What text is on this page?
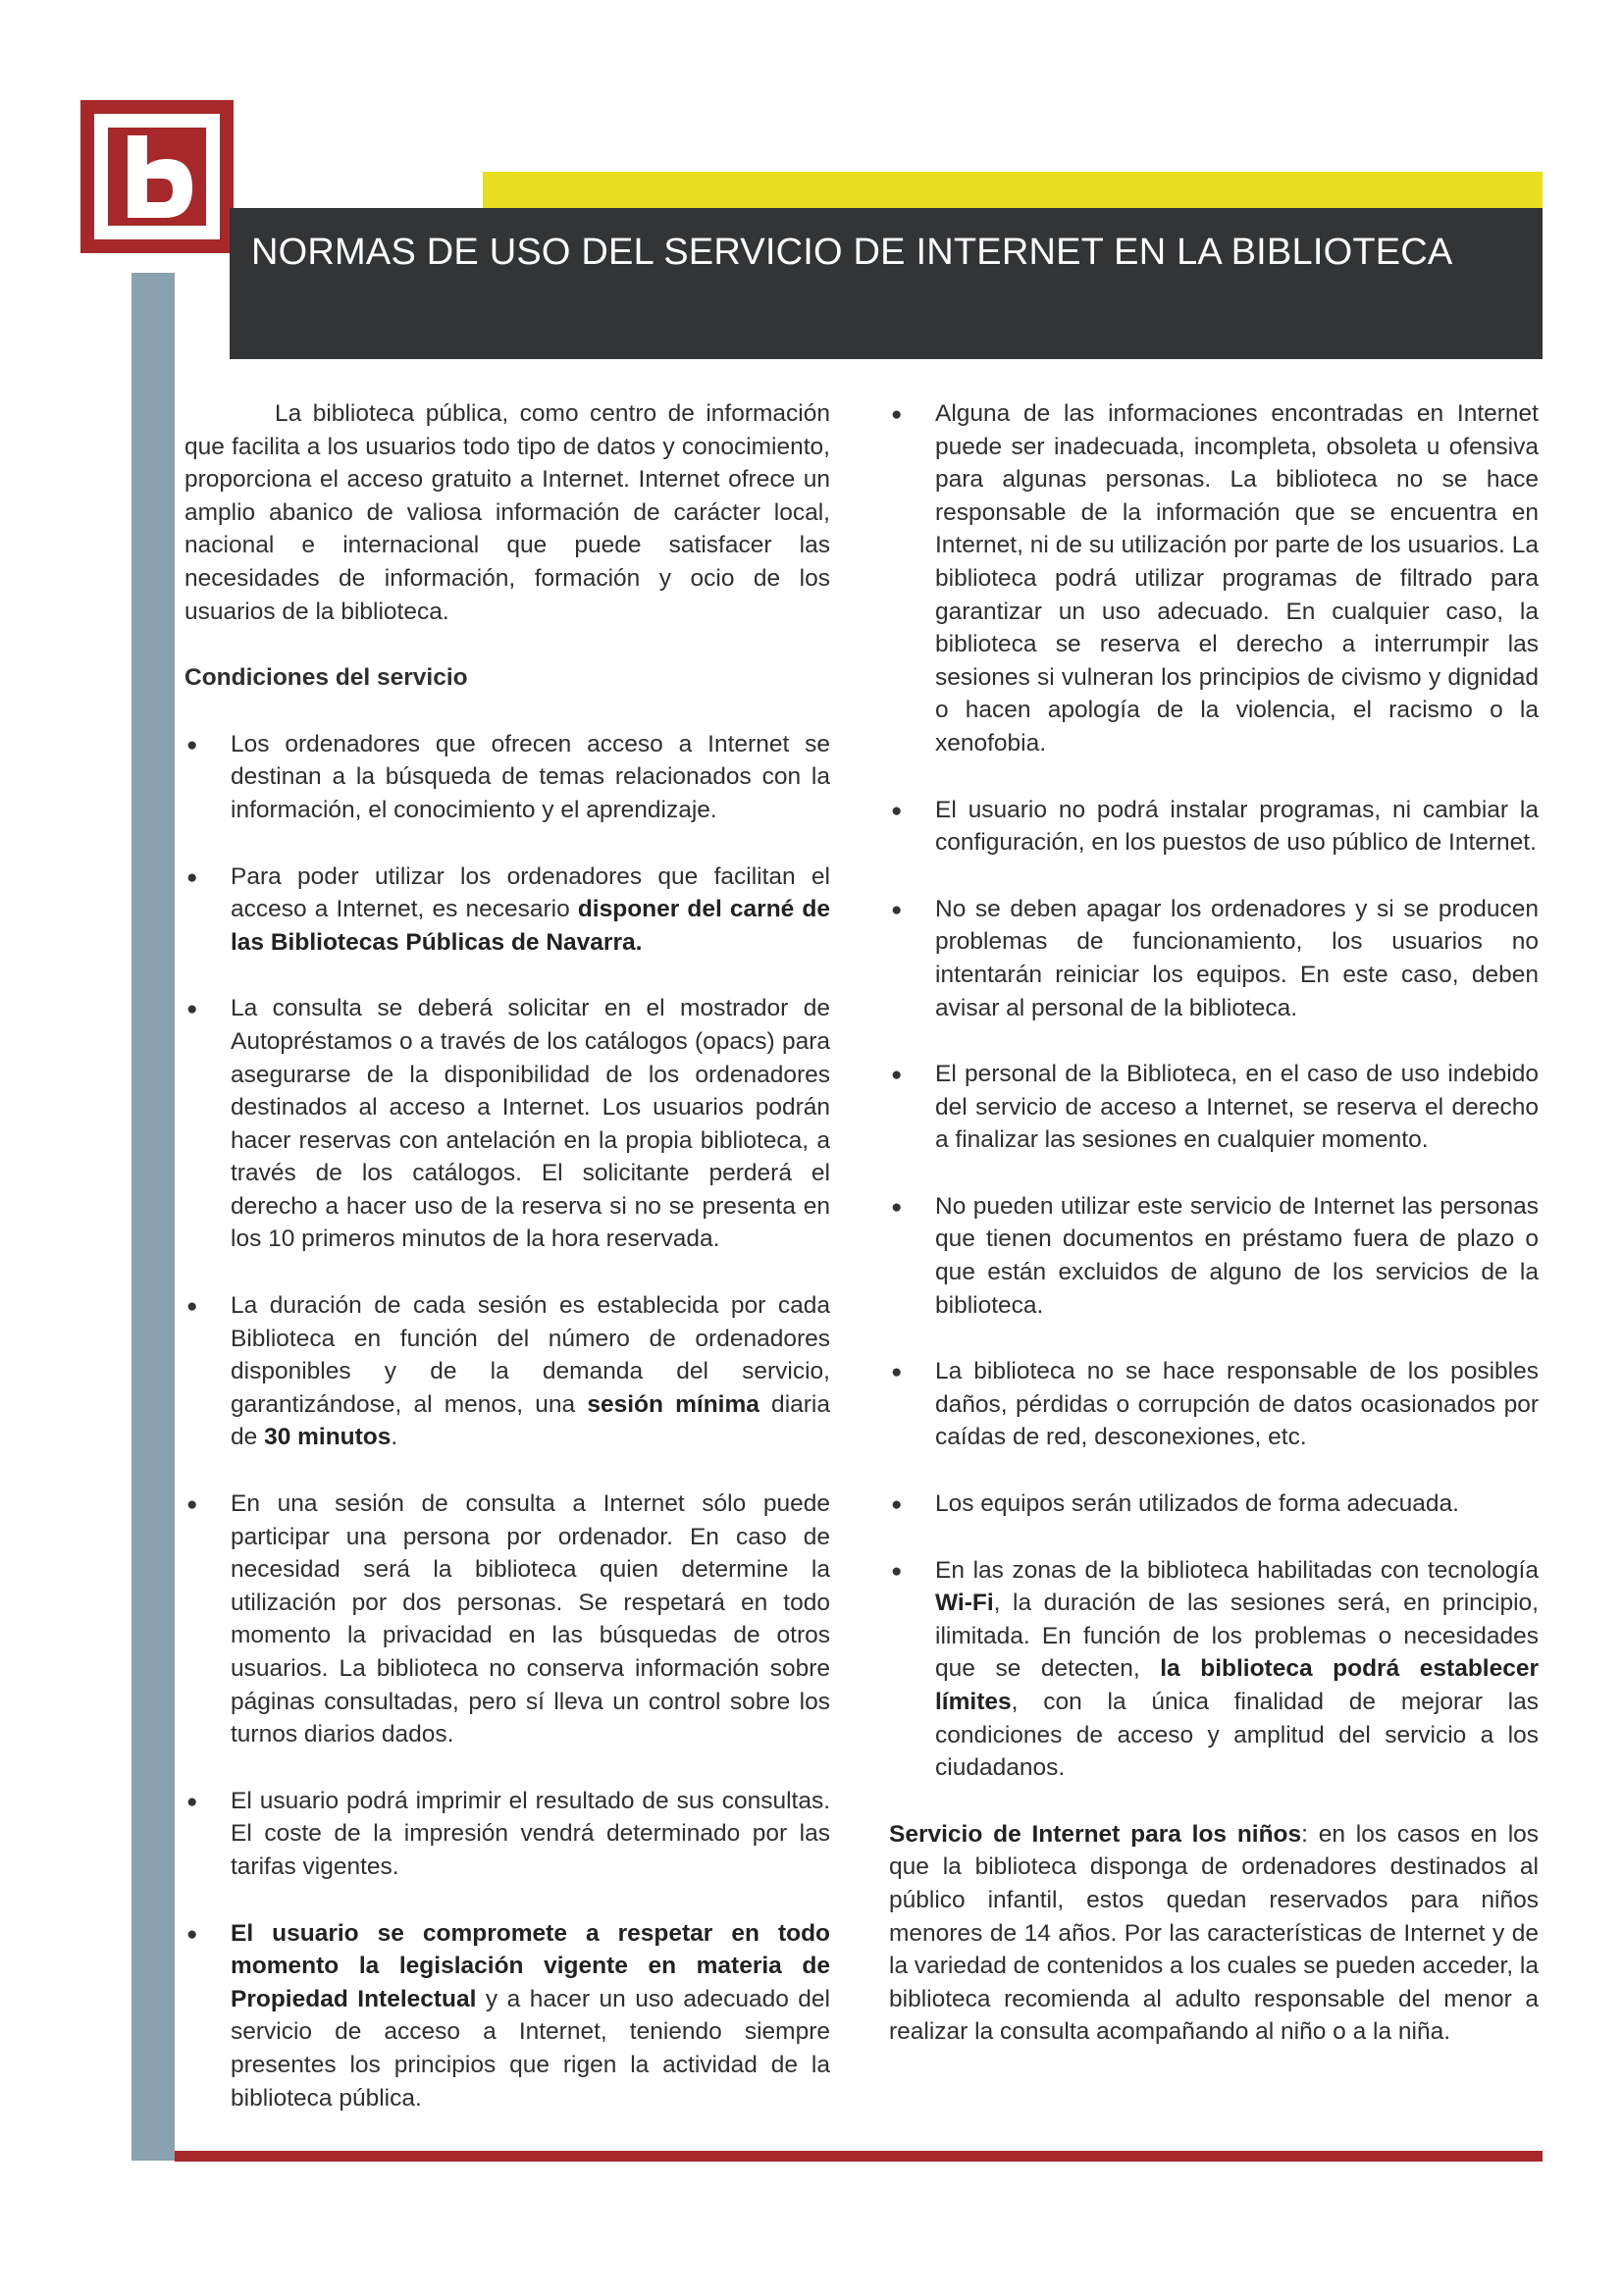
NORMAS DE USO DEL SERVICIO DE INTERNET EN LA BIBLIOTECA

La biblioteca pública, como centro de información que facilita a los usuarios todo tipo de datos y conocimiento, proporciona el acceso gratuito a Internet. Internet ofrece un amplio abanico de valiosa información de carácter local, nacional e internacional que puede satisfacer las necesidades de información, formación y ocio de los usuarios de la biblioteca.

Condiciones del servicio

● Los ordenadores que ofrecen acceso a Internet se destinan a la búsqueda de temas relacionados con la información, el conocimiento y el aprendizaje.
● Para poder utilizar los ordenadores que facilitan el acceso a Internet, es necesario disponer del carné de las Bibliotecas Públicas de Navarra.
● La consulta se deberá solicitar en el mostrador de Autopréstamos o a través de los catálogos (opacs) para asegurarse de la disponibilidad de los ordenadores destinados al acceso a Internet. Los usuarios podrán hacer reservas con antelación en la propia biblioteca, a través de los catálogos. El solicitante perderá el derecho a hacer uso de la reserva si no se presenta en los 10 primeros minutos de la hora reservada.
● La duración de cada sesión es establecida por cada Biblioteca en función del número de ordenadores disponibles y de la demanda del servicio, garantizándose, al menos, una sesión mínima diaria de 30 minutos.
● En una sesión de consulta a Internet sólo puede participar una persona por ordenador. En caso de necesidad será la biblioteca quien determine la utilización por dos personas. Se respetará en todo momento la privacidad en las búsquedas de otros usuarios. La biblioteca no conserva información sobre páginas consultadas, pero sí lleva un control sobre los turnos diarios dados.
● El usuario podrá imprimir el resultado de sus consultas. El coste de la impresión vendrá determinado por las tarifas vigentes.
● El usuario se compromete a respetar en todo momento la legislación vigente en materia de Propiedad Intelectual y a hacer un uso adecuado del servicio de acceso a Internet, teniendo siempre presentes los principios que rigen la actividad de la biblioteca pública.
● Alguna de las informaciones encontradas en Internet puede ser inadecuada, incompleta, obsoleta u ofensiva para algunas personas. La biblioteca no se hace responsable de la información que se encuentra en Internet, ni de su utilización por parte de los usuarios. La biblioteca podrá utilizar programas de filtrado para garantizar un uso adecuado. En cualquier caso, la biblioteca se reserva el derecho a interrumpir las sesiones si vulneran los principios de civismo y dignidad o hacen apología de la violencia, el racismo o la xenofobia.
● El usuario no podrá instalar programas, ni cambiar la configuración, en los puestos de uso público de Internet.
● No se deben apagar los ordenadores y si se producen problemas de funcionamiento, los usuarios no intentarán reiniciar los equipos. En este caso, deben avisar al personal de la biblioteca.
● El personal de la Biblioteca, en el caso de uso indebido del servicio de acceso a Internet, se reserva el derecho a finalizar las sesiones en cualquier momento.
● No pueden utilizar este servicio de Internet las personas que tienen documentos en préstamo fuera de plazo o que están excluidos de alguno de los servicios de la biblioteca.
● La biblioteca no se hace responsable de los posibles daños, pérdidas o corrupción de datos ocasionados por caídas de red, desconexiones, etc.
● Los equipos serán utilizados de forma adecuada.
● En las zonas de la biblioteca habilitadas con tecnología Wi-Fi, la duración de las sesiones será, en principio, ilimitada. En función de los problemas o necesidades que se detecten, la biblioteca podrá establecer límites, con la única finalidad de mejorar las condiciones de acceso y amplitud del servicio a los ciudadanos.

Servicio de Internet para los niños: en los casos en los que la biblioteca disponga de ordenadores destinados al público infantil, estos quedan reservados para niños menores de 14 años. Por las características de Internet y de la variedad de contenidos a los cuales se pueden acceder, la biblioteca recomienda al adulto responsable del menor a realizar la consulta acompañando al niño o a la niña.
